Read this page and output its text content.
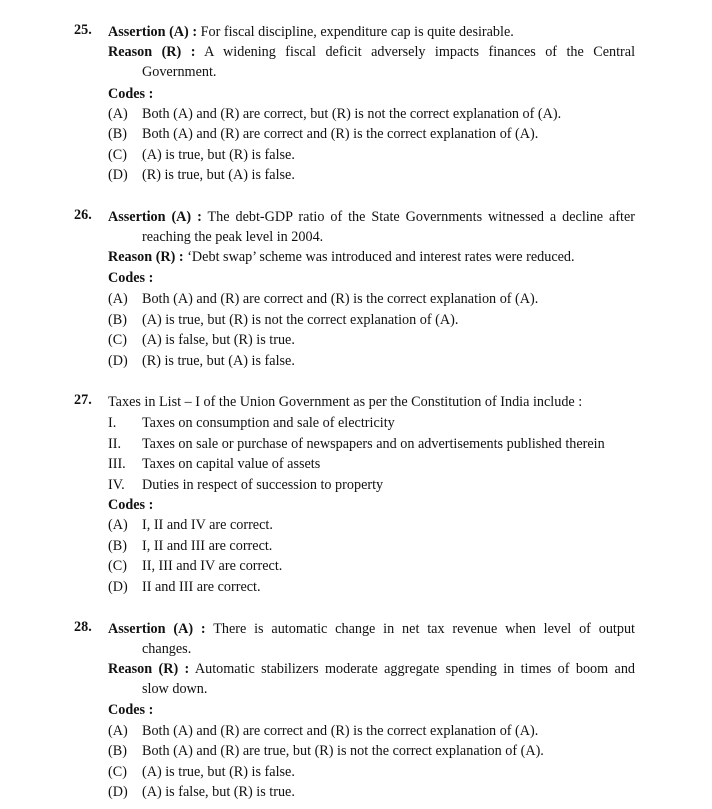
25. Assertion (A) : For fiscal discipline, expenditure cap is quite desirable.
Reason (R) : A widening fiscal deficit adversely impacts finances of the Central
Government.
Codes :
(A) Both (A) and (R) are correct, but (R) is not the correct explanation of (A).
(B) Both (A) and (R) are correct and (R) is the correct explanation of (A).
(C) (A) is true, but (R) is false.
(D) (R) is true, but (A) is false.
26. Assertion (A) : The debt-GDP ratio of the State Governments witnessed a decline after
reaching the peak level in 2004.
Reason (R) : ‘Debt swap’ scheme was introduced and interest rates were reduced.
Codes :
(A) Both (A) and (R) are correct and (R) is the correct explanation of (A).
(B) (A) is true, but (R) is not the correct explanation of (A).
(C) (A) is false, but (R) is true.
(D) (R) is true, but (A) is false.
27. Taxes in List – I of the Union Government as per the Constitution of India include :
I. Taxes on consumption and sale of electricity
II. Taxes on sale or purchase of newspapers and on advertisements published therein
III. Taxes on capital value of assets
IV. Duties in respect of succession to property
Codes :
(A) I, II and IV are correct.
(B) I, II and III are correct.
(C) II, III and IV are correct.
(D) II and III are correct.
28. Assertion (A) : There is automatic change in net tax revenue when level of output
changes.
Reason (R) : Automatic stabilizers moderate aggregate spending in times of boom and
slow down.
Codes :
(A) Both (A) and (R) are correct and (R) is the correct explanation of (A).
(B) Both (A) and (R) are true, but (R) is not the correct explanation of (A).
(C) (A) is true, but (R) is false.
(D) (A) is false, but (R) is true.
